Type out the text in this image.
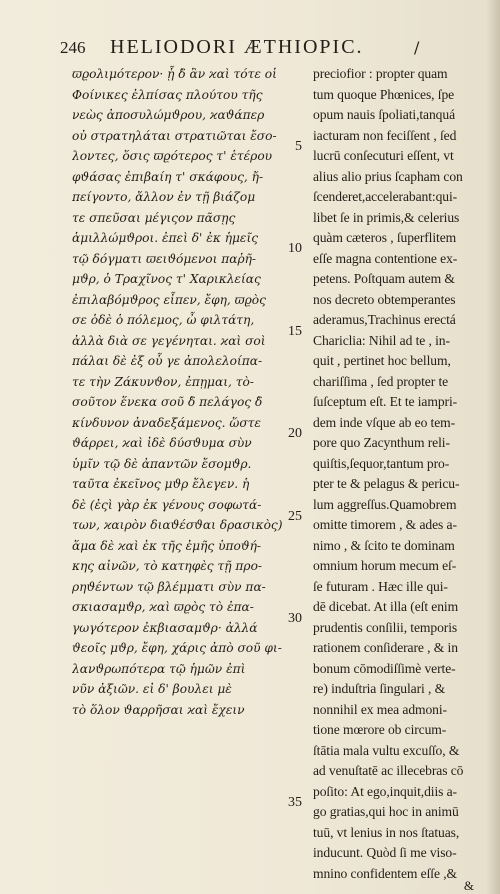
246 HELIODORI ÆTHIOPIC.	/
ϖϱολιμότερον· ᾗ δ̀ ἂν ϰαὶ τότε οἱ
Φοίνικες ἐλπίσας πλούτου τῆς
νεὼς ἀποσυλώμϑρου, ϰαϑάπερ
οὐ στρατηλάται στρατιῶται ἔσο-
λοντες, ὅσις ϖϱότερος τ' ἑτέρου
φϑάσας ἐπιβαίη τ' σκάφους, ἤ-
πείγοντο, ἄλλον ἐν τῇ βιάζομ
τε σπεῦσαι μέγιςον πᾶσῃς
ἁμιλλώμϑροι. ἐπεὶ δ' ἐκ ἡμεῖς
τῷ δόγματι ϖειϑόμενοι παῥῆ-
μϑρ, ὁ Τραχῖνος τ' Χαρικλείας
ἐπιλαβόμϑρος εἶπεν, ἔφη, ϖϱὸς
σε ὁδὲ ὁ πόλεμος, ὦ φιλτάτη,
ἀλλὰ διὰ σε γεγένηται. ϰαὶ σοὶ
πάλαι δὲ ἐξ οὗ γε ἀπολελοίπα-
τε τὴν Ζάκυνϑον, ἐπῃμαι, τὸ-
σοῦτον ἕνεκα σοῦ δ̀ πελάγος δ̀
κίνδυνον ἀναδεξάμενος. ὥστε
ϑάρρει, ϰαὶ ἰδὲ δύσϑυμα σὺν
ὑμῖν τῷ δὲ ἀπαντῶν ἔσομϑρ.
ταῦτα ἐκεῖνος μϑρ ἔλεγεν. ἡ
δὲ (ἐςὶ γὰρ ἐκ γένους σοφωτά-
των, ϰαιρὸν διαϑέσϑαι δρασικὸς)
ἅμα δὲ ϰαὶ ἐκ τῆς ἐμῆς ὑποϑή-
κης αἰνῶν, τὸ κατηφὲς τῇ προ-
ρηϑέντων τῷ βλέμματι σὺν πα-
σκιασαμϑρ, ϰαὶ ϖϱὸς τὸ ἐπα-
γωγότερον ἐκβιασαμϑρ· ἀλλά
ϑεοῖς μϑρ, ἔφη, χάρις ἀπὸ σοῦ φι-
λανϑρωπότερα τῷ ἡμῶν ἐπὶ
νῦν ἀξιῶν. εἰ δ' βουλει μὲ
τὸ ὅλον ϑαρρῆσαι ϰαὶ ἔχειν
5
10
15
20
25
30
35
preciofior : propter quam
tum quoque Phœnices, ſpe
opum nauis ſpoliati,tanquá
iacturam non feciſſent , ſed
lucrū conſecuturi eſſent, vt
alius alio prius ſcapham con
ſcenderet,accelerabant:qui-
libet ſe in primis,& celerius
quàm cæteros , ſuperflitem
eſſe magna contentione ex-
petens. Poſtquam autem &
nos decreto obtemperantes
aderamus,Trachinus erectá
Chariclia: Nihil ad te , in-
quit , pertinet hoc bellum,
chariſſima , ſed propter te
ſuſceptum eſt. Et te iampri-
dem inde vſque ab eo tem-
pore quo Zacynthum reli-
quiſtis,ſequor,tantum pro-
pter te & pelagus & pericu-
lum aggreſſus.Quamobrem
omitte timorem , & ades a-
nimo , & ſcito te dominam
omnium horum mecum eſ-
ſe futuram . Hæc ille qui-
dē dicebat. At illa (eſt enim
prudentis conſilii, temporis
rationem conſiderare , & in
bonum cōmodiſſimè verte-
re) induſtria ſingulari , &
nonnihil ex mea admoni-
tione mœrore ob circum-
ſtātia mala vultu excuſſo, &
ad venuſtatē ac illecebras cō
poſito: At ego,inquit,diis a-
go gratias,qui hoc in animū
tuū, vt lenius in nos ſtatuas,
inducunt. Quòd ſi me viso-
mnino confidentem eſſe ,&
&
